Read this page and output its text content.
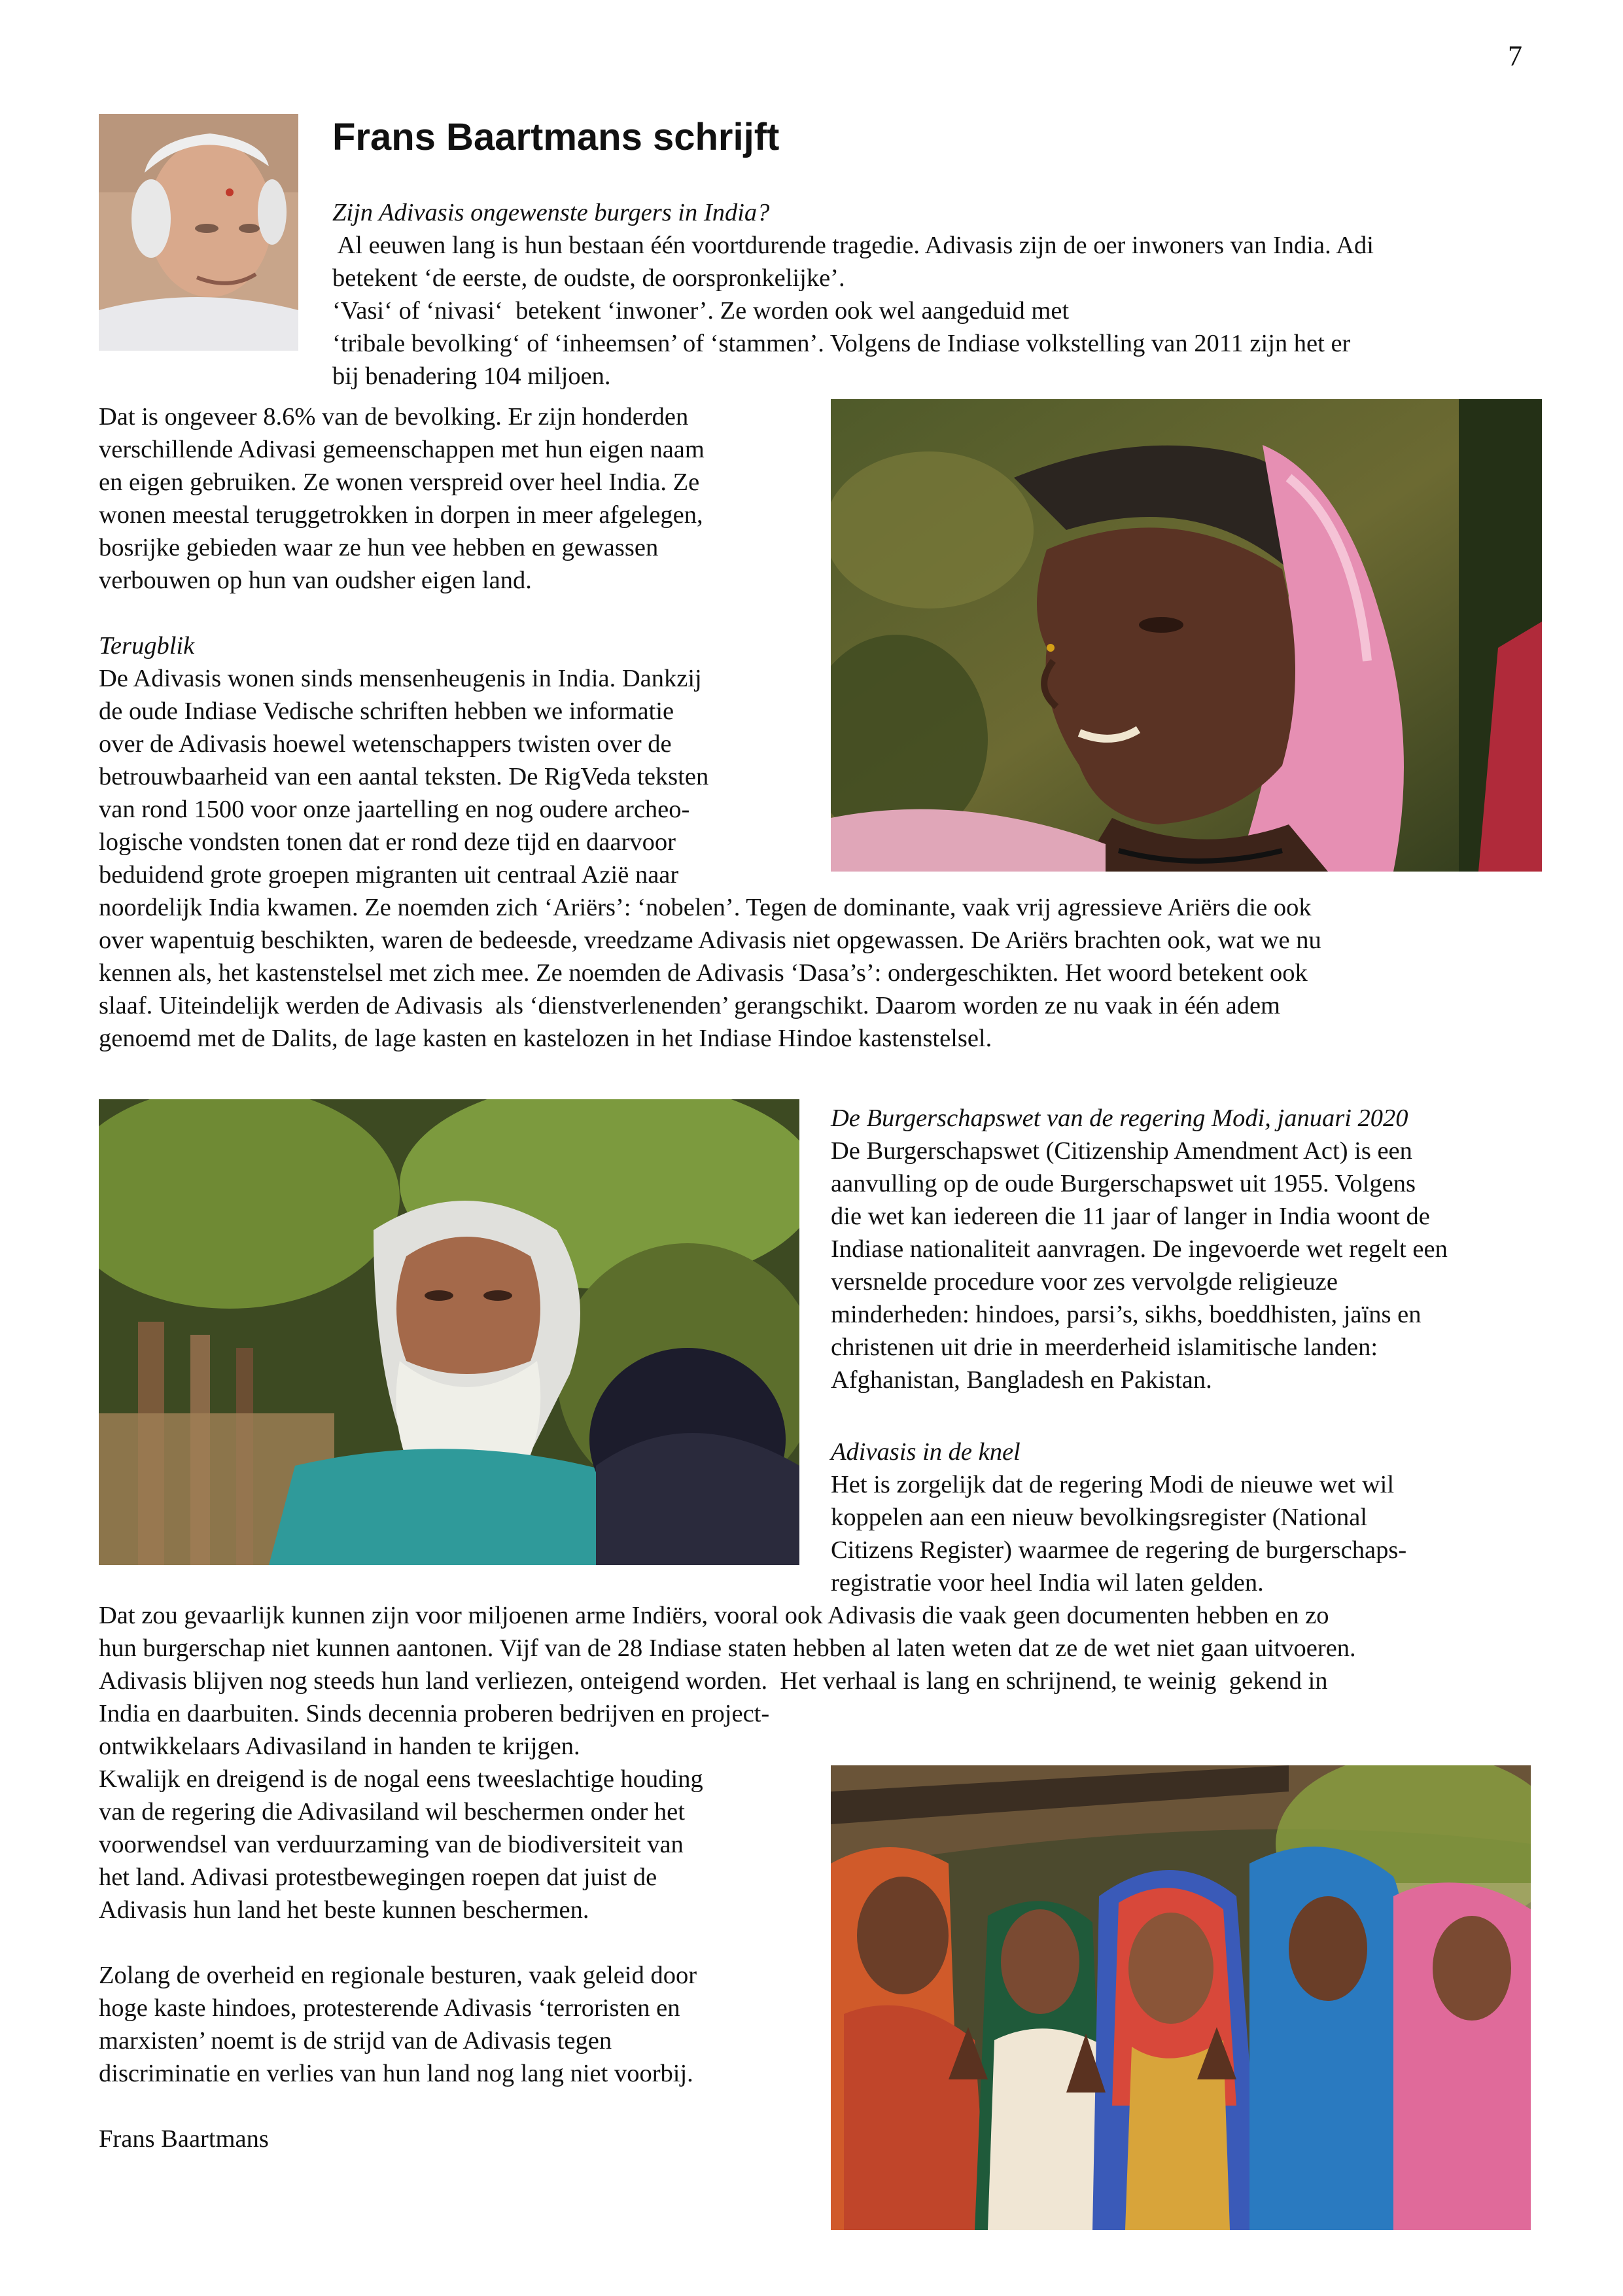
7
Frans Baartmans schrijft
Zijn Adivasis ongewenste burgers in India?
Al eeuwen lang is hun bestaan één voortdurende tragedie. Adivasis zijn de oer inwoners van India. Adi
betekent ‘de eerste, de oudste, de oorspronkelijke’.
‘Vasi‘ of ‘nivasi‘  betekent ‘inwoner’. Ze worden ook wel aangeduid met
‘tribale bevolking‘ of ‘inheemsen’ of ‘stammen’. Volgens de Indiase volkstelling van 2011 zijn het er
bij benadering 104 miljoen.
Dat is ongeveer 8.6% van de bevolking. Er zijn honderden
verschillende Adivasi gemeenschappen met hun eigen naam
en eigen gebruiken. Ze wonen verspreid over heel India. Ze
wonen meestal teruggetrokken in dorpen in meer afgelegen,
bosrijke gebieden waar ze hun vee hebben en gewassen
verbouwen op hun van oudsher eigen land.
Terugblik
De Adivasis wonen sinds mensenheugenis in India. Dankzij
de oude Indiase Vedische schriften hebben we informatie
over de Adivasis hoewel wetenschappers twisten over de
betrouwbaarheid van een aantal teksten. De RigVeda teksten
van rond 1500 voor onze jaartelling en nog oudere archeo-
logische vondsten tonen dat er rond deze tijd en daarvoor
beduidend grote groepen migranten uit centraal Azië naar
noordelijk India kwamen. Ze noemden zich ‘Ariërs’: ‘nobelen’. Tegen de dominante, vaak vrij agressieve Ariërs die ook
over wapentuig beschikten, waren de bedeesde, vreedzame Adivasis niet opgewassen. De Ariërs brachten ook, wat we nu
kennen als, het kastenstelsel met zich mee. Ze noemden de Adivasis ‘Dasa’s’: ondergeschikten. Het woord betekent ook
slaaf. Uiteindelijk werden de Adivasis  als ‘dienstverlenenden’ gerangschikt. Daarom worden ze nu vaak in één adem
genoemd met de Dalits, de lage kasten en kastelozen in het Indiase Hindoe kastenstelsel.
De Burgerschapswet van de regering Modi, januari 2020
De Burgerschapswet (Citizenship Amendment Act) is een
aanvulling op de oude Burgerschapswet uit 1955. Volgens
die wet kan iedereen die 11 jaar of langer in India woont de
Indiase nationaliteit aanvragen. De ingevoerde wet regelt een
versnelde procedure voor zes vervolgde religieuze
minderheden: hindoes, parsi’s, sikhs, boeddhisten, jaïns en
christenen uit drie in meerderheid islamitische landen:
Afghanistan, Bangladesh en Pakistan.
Adivasis in de knel
Het is zorgelijk dat de regering Modi de nieuwe wet wil
koppelen aan een nieuw bevolkingsregister (National
Citizens Register) waarmee de regering de burgerschaps-
registratie voor heel India wil laten gelden.
Dat zou gevaarlijk kunnen zijn voor miljoenen arme Indiërs, vooral ook Adivasis die vaak geen documenten hebben en zo
hun burgerschap niet kunnen aantonen. Vijf van de 28 Indiase staten hebben al laten weten dat ze de wet niet gaan uitvoeren.
Adivasis blijven nog steeds hun land verliezen, onteigend worden.  Het verhaal is lang en schrijnend, te weinig  gekend in
India en daarbuiten. Sinds decennia proberen bedrijven en project-
ontwikkelaars Adivasiland in handen te krijgen.
Kwalijk en dreigend is de nogal eens tweeslachtige houding
van de regering die Adivasiland wil beschermen onder het
voorwendsel van verduurzaming van de biodiversiteit van
het land. Adivasi protestbewegingen roepen dat juist de
Adivasis hun land het beste kunnen beschermen.
Zolang de overheid en regionale besturen, vaak geleid door
hoge kaste hindoes, protesterende Adivasis ‘terroristen en
marxisten’ noemt is de strijd van de Adivasis tegen
discriminatie en verlies van hun land nog lang niet voorbij.
Frans Baartmans
